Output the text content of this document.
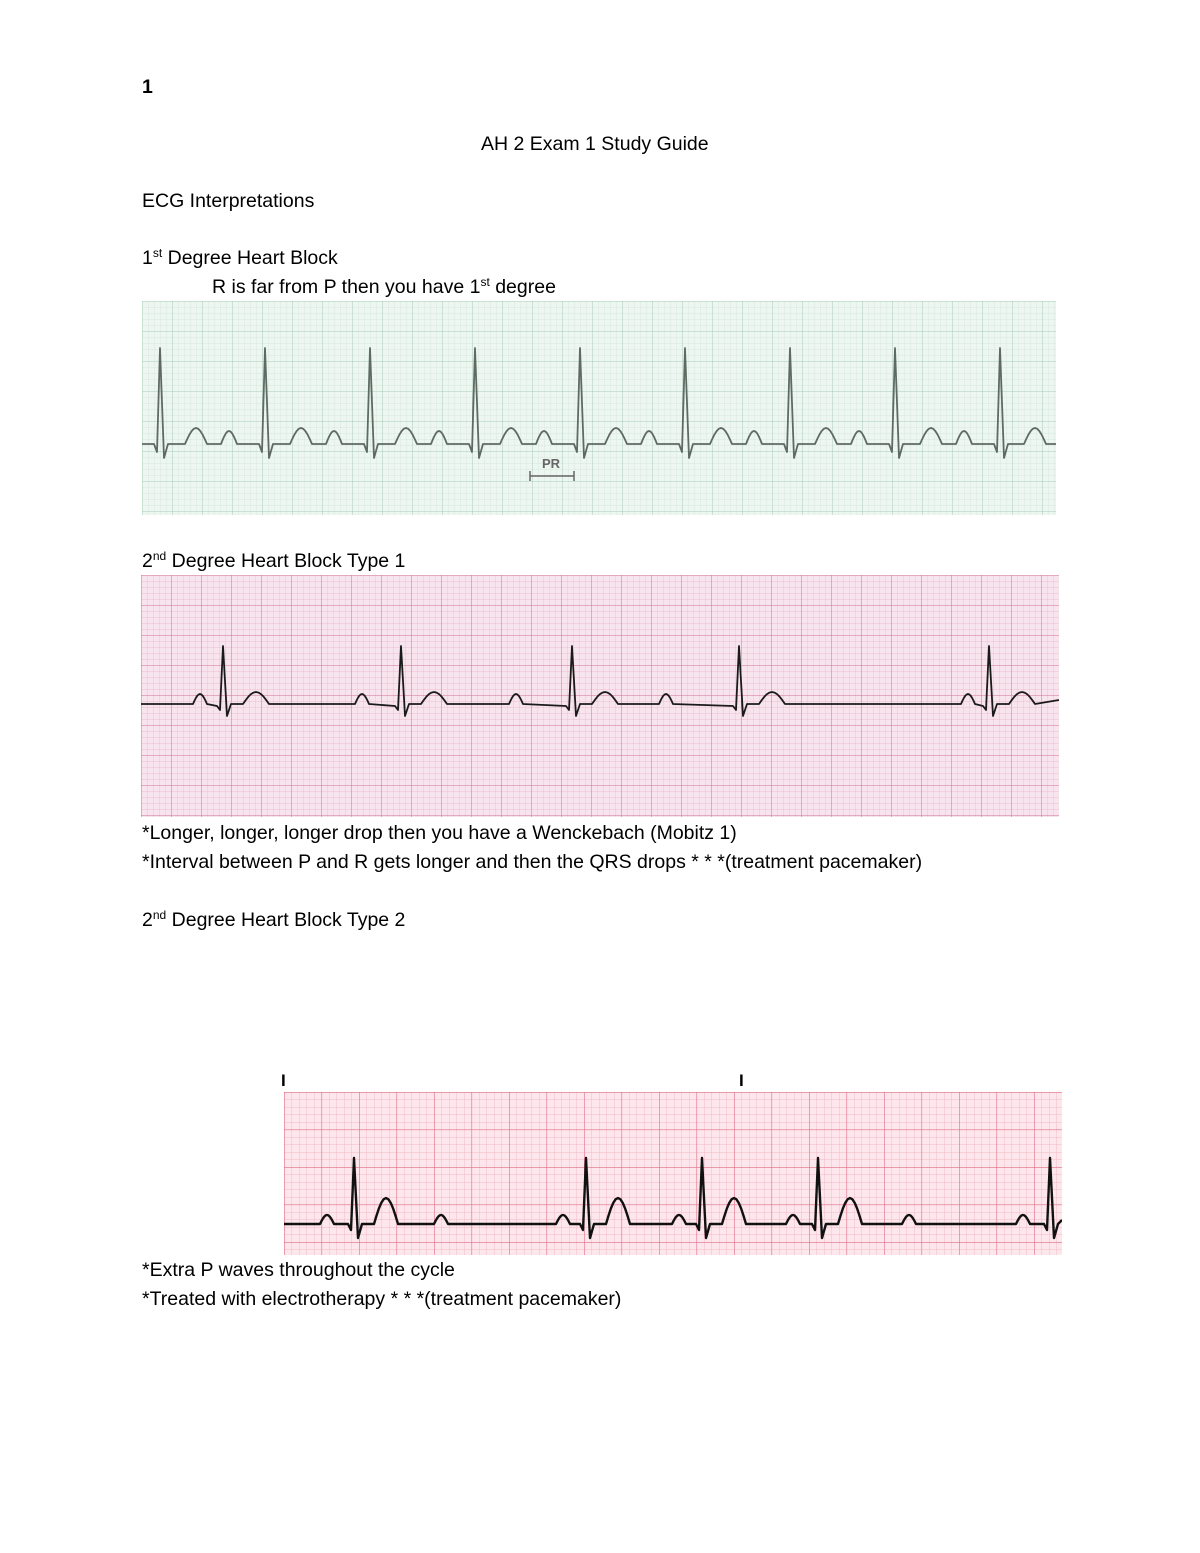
1
AH 2 Exam 1 Study Guide
ECG Interpretations
1st Degree Heart Block
R is far from P then you have 1st degree
PR
2nd Degree Heart Block Type 1
*Longer, longer, longer drop then you have a Wenckebach (Mobitz 1)
*Interval between P and R gets longer and then the QRS drops * * *(treatment pacemaker)
2nd Degree Heart Block Type 2
I	I
*Extra P waves throughout the cycle
*Treated with electrotherapy * * *(treatment pacemaker)
